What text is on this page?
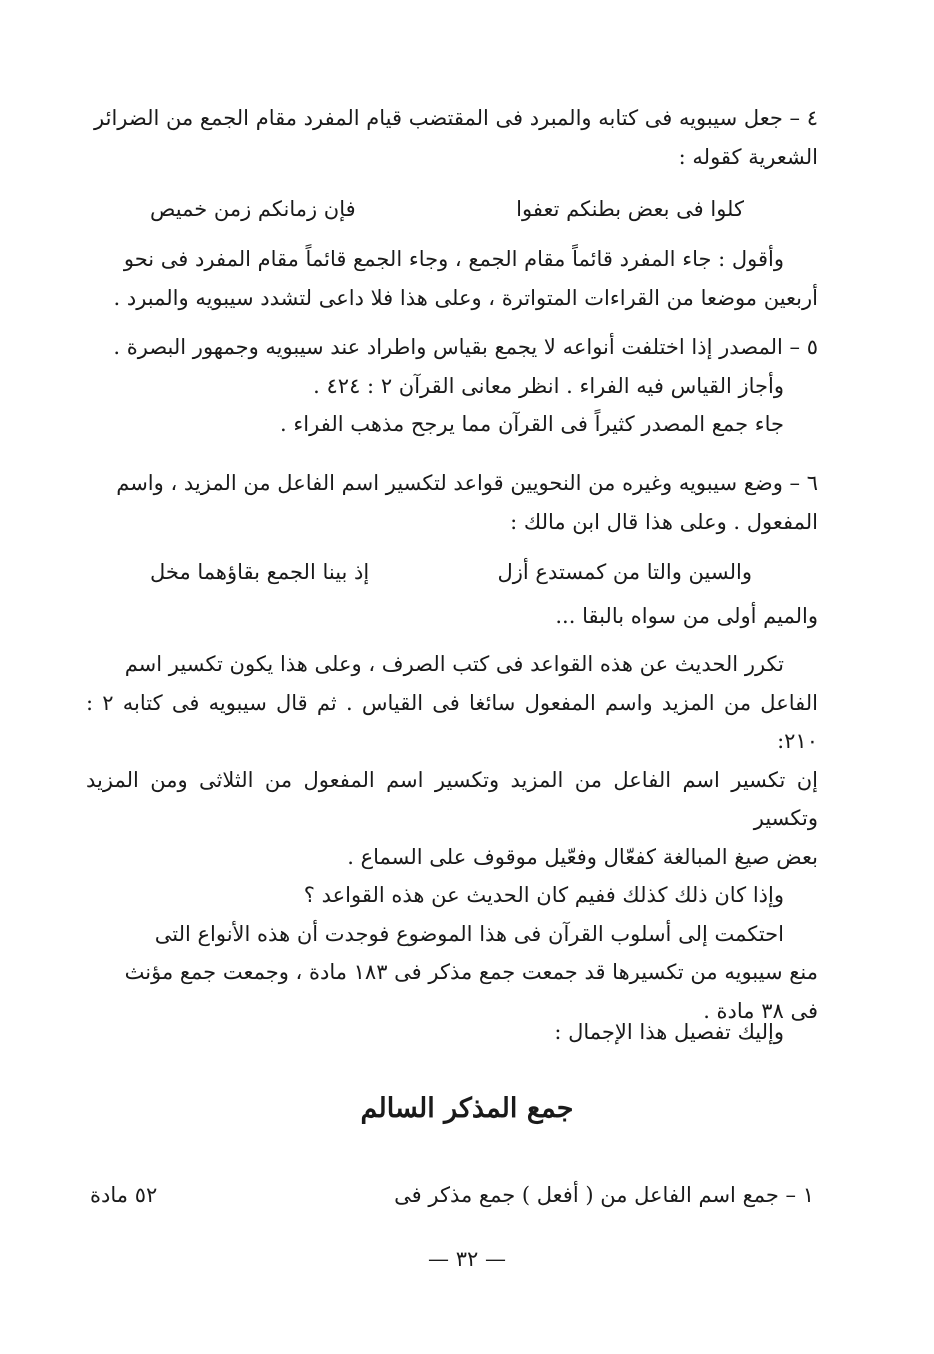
٤ – جعل سيبويه فى كتابه والمبرد فى المقتضب قيام المفرد مقام الجمع من الضرائر
الشعرية كقوله :
كلوا فى بعض بطنكم تعفوا
فإن زمانكم زمن خميص
وأقول : جاء المفرد قائماً مقام الجمع ، وجاء الجمع قائماً مقام المفرد فى نحو
أربعين موضعا من القراءات المتواترة ، وعلى هذا فلا داعى لتشدد سيبويه والمبرد .
٥ – المصدر إذا اختلفت أنواعه لا يجمع بقياس واطراد عند سيبويه وجمهور البصرة .
وأجاز القياس فيه الفراء . انظر معانى القرآن ٢ : ٤٢٤ .
جاء جمع المصدر كثيراً فى القرآن مما يرجح مذهب الفراء .
٦ – وضع سيبويه وغيره من النحويين قواعد لتكسير اسم الفاعل من المزيد ، واسم
المفعول . وعلى هذا قال ابن مالك :
والسين والتا من كمستدع أزل
إذ بينا الجمع بقاؤهما مخل
والميم أولى من سواه بالبقا ...
تكرر الحديث عن هذه القواعد فى كتب الصرف ، وعلى هذا يكون تكسير اسم
الفاعل من المزيد واسم المفعول سائغا فى القياس . ثم قال سيبويه فى كتابه ٢ : ٢١٠:
إن تكسير اسم الفاعل من المزيد وتكسير اسم المفعول من الثلاثى ومن المزيد وتكسير
بعض صيغ المبالغة كفعّال وفعّيل موقوف على السماع .
وإذا كان ذلك كذلك ففيم كان الحديث عن هذه القواعد ؟
احتكمت إلى أسلوب القرآن فى هذا الموضوع فوجدت أن هذه الأنواع التى
منع سيبويه من تكسيرها قد جمعت جمع مذكر فى ١٨٣ مادة ، وجمعت جمع مؤنث
فى ٣٨ مادة .
وإليك تفصيل هذا الإجمال :
جمع المذكر السالم
١ – جمع اسم الفاعل من ( أفعل ) جمع مذكر فى
٥٢ مادة
— ٣٢ —
